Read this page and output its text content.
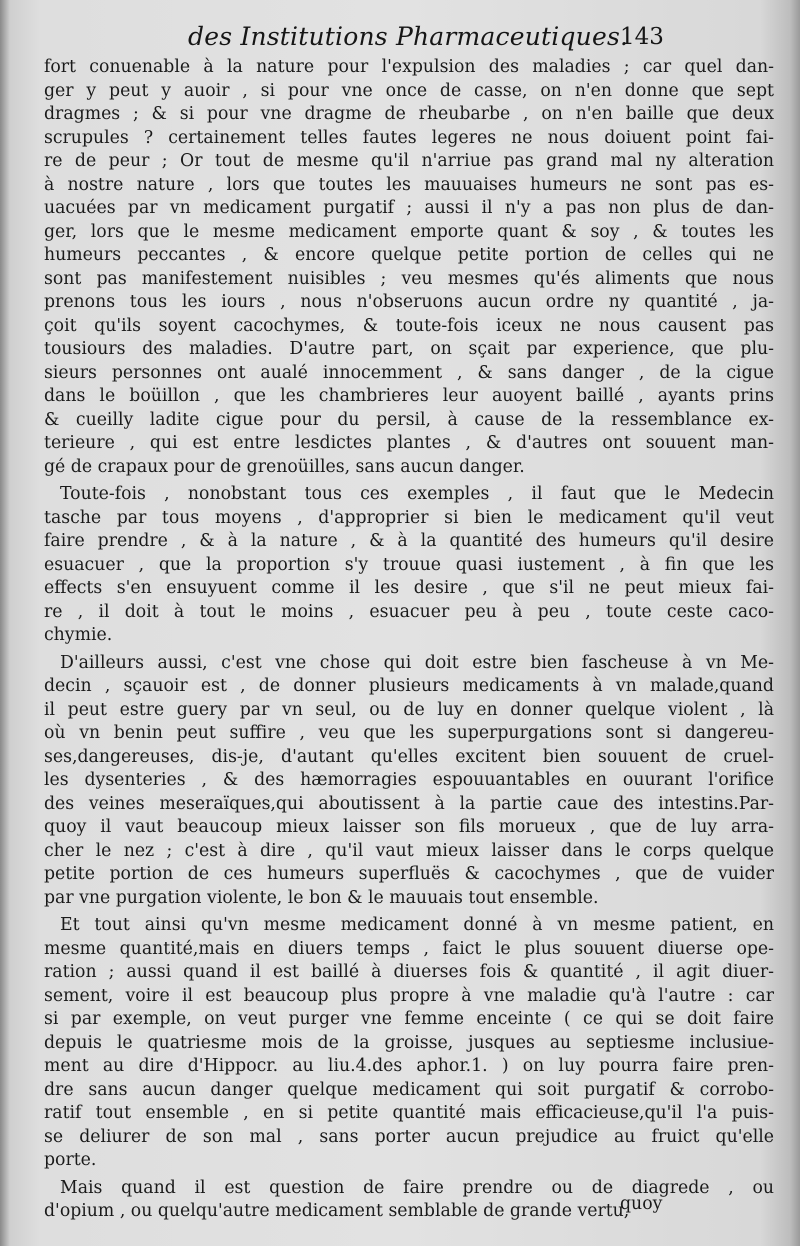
des Institutions Pharmaceutiques.
143
fort conuenable à la nature pour l'expulsion des maladies ; car quel dan-
ger y peut y auoir , si pour vne once de casse, on n'en donne que sept
dragmes ; & si pour vne dragme de rheubarbe , on n'en baille que deux
scrupules ? certainement telles fautes legeres ne nous doiuent point fai-
re de peur ; Or tout de mesme qu'il n'arriue pas grand mal ny alteration
à nostre nature , lors que toutes les mauuaises humeurs ne sont pas es-
uacuées par vn medicament purgatif ; aussi il n'y a pas non plus de dan-
ger, lors que le mesme medicament emporte quant & soy , & toutes les
humeurs peccantes , & encore quelque petite portion de celles qui ne
sont pas manifestement nuisibles ; veu mesmes qu'és aliments que nous
prenons tous les iours , nous n'obseruons aucun ordre ny quantité , ja-
çoit qu'ils soyent cacochymes, & toute-fois iceux ne nous causent pas
tousiours des maladies. D'autre part, on sçait par experience, que plu-
sieurs personnes ont aualé innocemment , & sans danger , de la cigue
dans le boüillon , que les chambrieres leur auoyent baillé , ayants prins
& cueilly ladite cigue pour du persil, à cause de la ressemblance ex-
terieure , qui est entre lesdictes plantes , & d'autres ont souuent man-
gé de crapaux pour de grenoüilles, sans aucun danger.
Toute-fois , nonobstant tous ces exemples , il faut que le Medecin
tasche par tous moyens , d'approprier si bien le medicament qu'il veut
faire prendre , & à la nature , & à la quantité des humeurs qu'il desire
esuacuer , que la proportion s'y trouue quasi iustement , à fin que les
effects s'en ensuyuent comme il les desire , que s'il ne peut mieux fai-
re , il doit à tout le moins , esuacuer peu à peu , toute ceste caco-
chymie.
D'ailleurs aussi, c'est vne chose qui doit estre bien fascheuse à vn Me-
decin , sçauoir est , de donner plusieurs medicaments à vn malade,quand
il peut estre guery par vn seul, ou de luy en donner quelque violent , là
où vn benin peut suffire , veu que les superpurgations sont si dangereu-
ses,dangereuses, dis-je, d'autant qu'elles excitent bien souuent de cruel-
les dysenteries , & des hæmorragies espouuantables en ouurant l'orifice
des veines meseraïques,qui aboutissent à la partie caue des intestins.Par-
quoy il vaut beaucoup mieux laisser son fils morueux , que de luy arra-
cher le nez ; c'est à dire , qu'il vaut mieux laisser dans le corps quelque
petite portion de ces humeurs superfluës & cacochymes , que de vuider
par vne purgation violente, le bon & le mauuais tout ensemble.
Et tout ainsi qu'vn mesme medicament donné à vn mesme patient, en
mesme quantité,mais en diuers temps , faict le plus souuent diuerse ope-
ration ; aussi quand il est baillé à diuerses fois & quantité , il agit diuer-
sement, voire il est beaucoup plus propre à vne maladie qu'à l'autre : car
si par exemple, on veut purger vne femme enceinte ( ce qui se doit faire
depuis le quatriesme mois de la groisse, jusques au septiesme inclusiue-
ment au dire d'Hippocr. au liu.4.des aphor.1. ) on luy pourra faire pren-
dre sans aucun danger quelque medicament qui soit purgatif & corrobo-
ratif tout ensemble , en si petite quantité mais efficacieuse,qu'il l'a puis-
se deliurer de son mal , sans porter aucun prejudice au fruict qu'elle
porte.
Mais quand il est question de faire prendre ou de diagrede , ou
d'opium , ou quelqu'autre medicament semblable de grande vertu,
quoy
